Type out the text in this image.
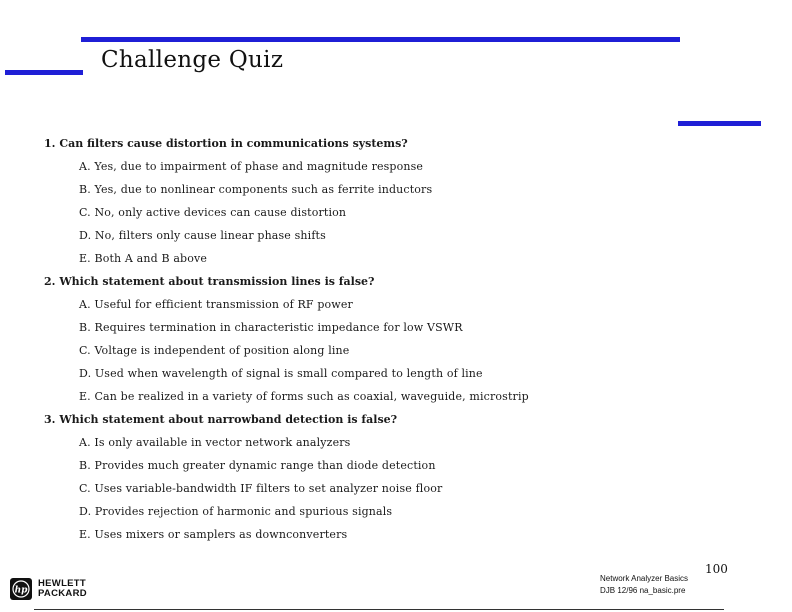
Challenge Quiz
1. Can filters cause distortion in communications systems?
A. Yes, due to impairment of phase and magnitude response
B. Yes, due to nonlinear components such as ferrite inductors
C. No, only active devices can cause distortion
D. No, filters only cause linear phase shifts
E. Both A and B above
2. Which statement about transmission lines is false?
A. Useful for efficient transmission of RF power
B. Requires termination in characteristic impedance for low VSWR
C. Voltage is independent of position along line
D. Used when wavelength of signal is small compared to length of line
E. Can be realized in a variety of forms such as coaxial, waveguide, microstrip
3. Which statement about narrowband detection is false?
A. Is only available in vector network analyzers
B. Provides much greater dynamic range than diode detection
C. Uses variable-bandwidth IF filters to set analyzer noise floor
D. Provides rejection of harmonic and spurious signals
E. Uses mixers or samplers as downconverters
Network Analyzer Basics
DJB 12/96 na_basic.pre
100
hp
HEWLETT
PACKARD
